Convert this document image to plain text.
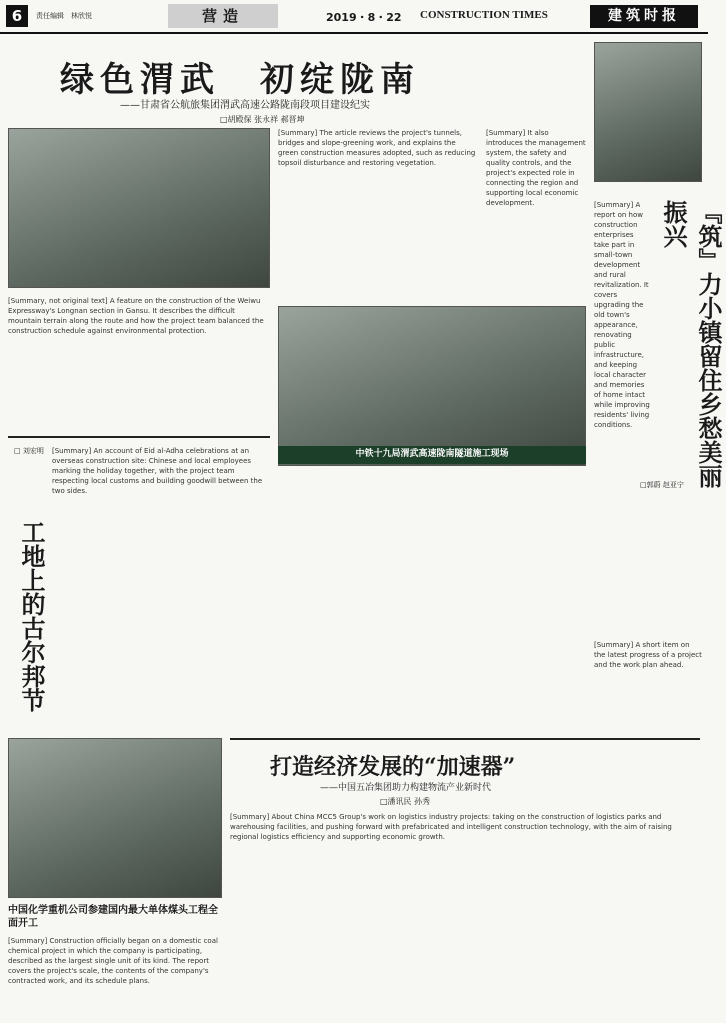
6	责任编辑　林欣悦	营造	2019・8・22 CONSTRUCTION TIMES	建筑时报
绿色渭武　初绽陇南
——甘肃省公航旅集团渭武高速公路陇南段项目建设纪实
□胡殿保 张永祥 郝晋坤
[Summary, not original text] A feature on the construction of the Weiwu Expressway's Longnan section in Gansu. It describes the difficult mountain terrain along the route and how the project team balanced the construction schedule against environmental protection.
[Summary] The article reviews the project's tunnels, bridges and slope-greening work, and explains the green construction measures adopted, such as reducing topsoil disturbance and restoring vegetation.
[Summary] It also introduces the management system, the safety and quality controls, and the project's expected role in connecting the region and supporting local economic development.
中铁十九局渭武高速陇南隧道施工现场	『筑』力小镇留住乡愁美丽振兴
[Summary] A report on how construction enterprises take part in small-town development and rural revitalization. It covers upgrading the old town's appearance, renovating public infrastructure, and keeping local character and memories of home intact while improving residents' living conditions.
□郭蔚 赵亚宁
工地上的古尔邦节
[Summary] An account of Eid al-Adha celebrations at an overseas construction site: Chinese and local employees marking the holiday together, with the project team respecting local customs and building goodwill between the two sides.
□ 刘宏明
打造经济发展的“加速器”
——中国五冶集团助力构建物流产业新时代
□潘讯民 孙秀
[Summary] About China MCC5 Group's work on logistics industry projects: taking on the construction of logistics parks and warehousing facilities, and pushing forward with prefabricated and intelligent construction technology, with the aim of raising regional logistics efficiency and supporting economic growth.
中国化学重机公司参建国内最大单体煤头工程全面开工
[Summary] Construction officially began on a domestic coal chemical project in which the company is participating, described as the largest single unit of its kind. The report covers the project's scale, the contents of the company's contracted work, and its schedule plans.
[Summary] A short item on the latest progress of a project and the work plan ahead.
